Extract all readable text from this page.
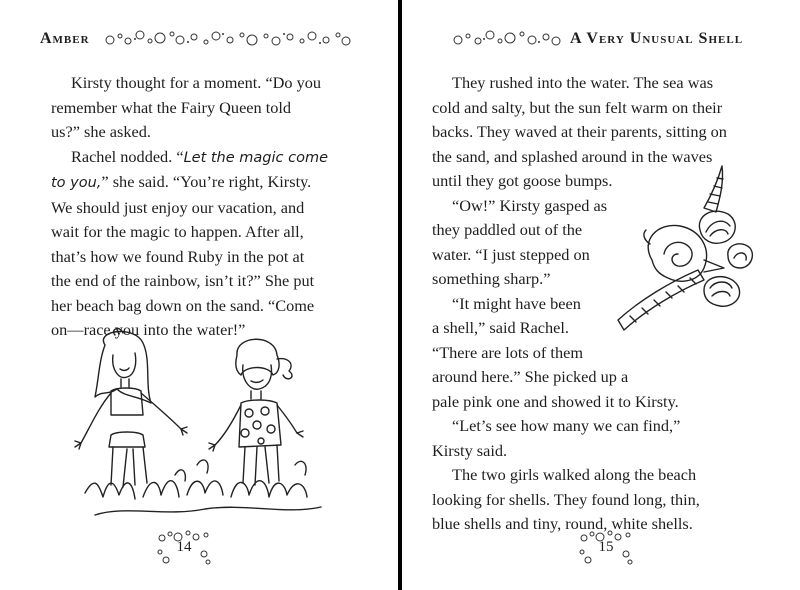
Amber

Kirsty thought for a moment. “Do you
remember what the Fairy Queen told
us?” she asked.

Rachel nodded. “Let the magic come
to you,” she said. “You’re right, Kirsty.
We should just enjoy our vacation, and
wait for the magic to happen. After all,
that’s how we found Ruby in the pot at
the end of the rainbow, isn’t it?” She put
her beach bag down on the sand. “Come
on—race you into the water!”

14
A Very Unusual Shell
They rushed into the water. The sea was
cold and salty, but the sun felt warm on their
backs. They waved at their parents, sitting on
the sand, and splashed around in the waves
until they got goose bumps.
“Ow!” Kirsty gasped as
they paddled out of the
water. “I just stepped on
something sharp.”
“It might have been
a shell,” said Rachel.
“There are lots of them
around here.” She picked up a
pale pink one and showed it to Kirsty.
“Let’s see how many we can find,”
Kirsty said.
The two girls walked along the beach
looking for shells. They found long, thin,
blue shells and tiny, round, white shells.
15
